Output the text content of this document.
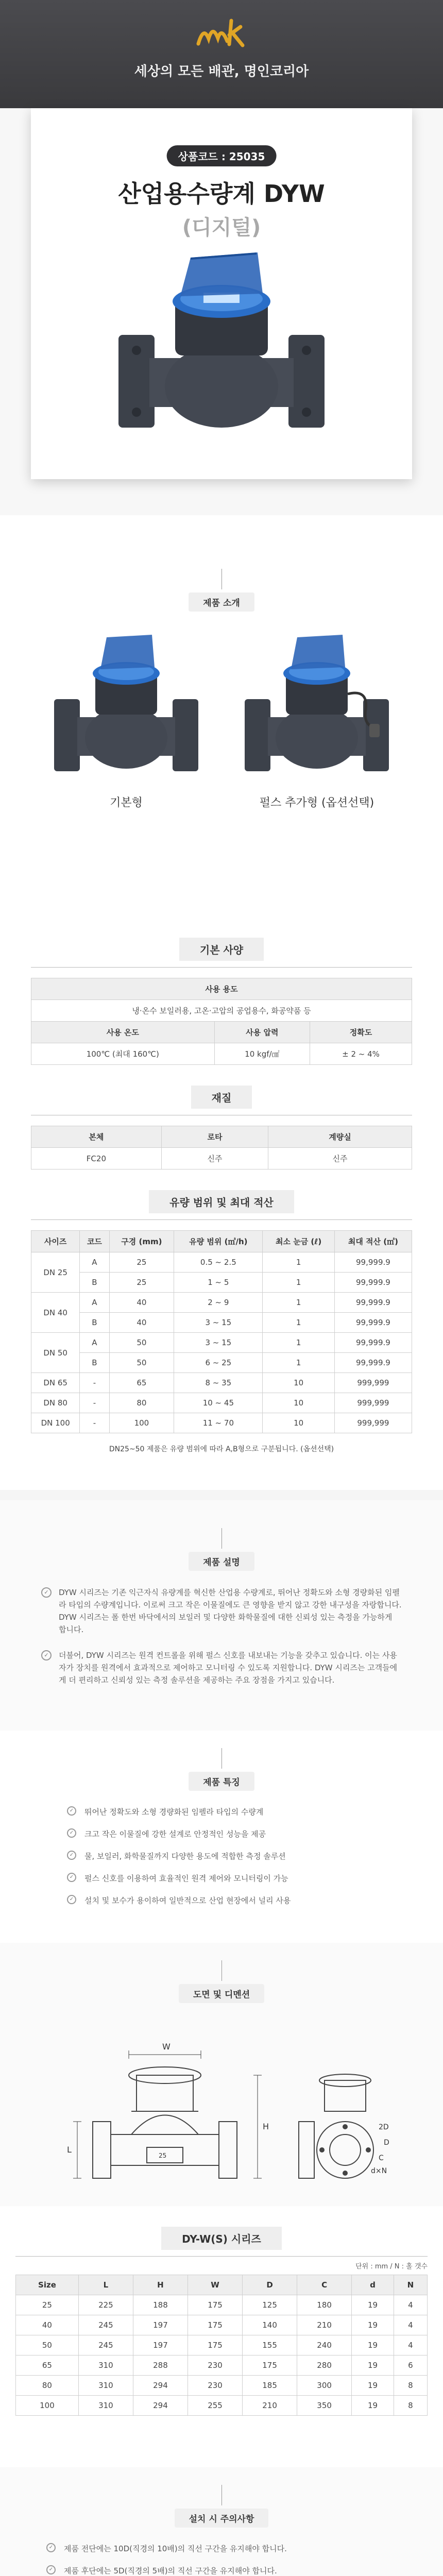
세상의 모든 배관, 명인코리아
상품코드 : 25035
산업용수량계 DYW
(디지털)
제품 소개
기본형	펄스 추가형 (옵션선택)
기본 사양
사용 용도		
냉·온수 보일러용, 고온·고압의 공업용수, 화공약품 등		
사용 온도	사용 압력	정확도
100℃ (최대 160℃)	10 kgf/㎠	± 2 ~ 4%
재질
본체	로타	계량실
FC20	신주	신주
유량 범위 및 최대 적산
사이즈	코드	구경 (mm)	유량 범위 (㎥/h)	최소 눈금 (ℓ)	최대 적산 (㎥)
DN 25	A	25	0.5 ~ 2.5	1	99,999.9
	B	25	1 ~ 5	1	99,999.9
DN 40	A	40	2 ~ 9	1	99,999.9
	B	40	3 ~ 15	1	99,999.9
DN 50	A	50	3 ~ 15	1	99,999.9
	B	50	6 ~ 25	1	99,999.9
DN 65	-	65	8 ~ 35	10	999,999
DN 80	-	80	10 ~ 45	10	999,999
DN 100	-	100	11 ~ 70	10	999,999
DN25~50 제품은 유량 범위에 따라 A,B형으로 구분됩니다. (옵션선택)
제품 설명
✓	DYW 시리즈는 기존 익근자식 유량계를 혁신한 산업용 수량계로, 뛰어난 정확도와 소형 경량화된 임펠라 타입의 수량계입니다. 이로써 크고 작은 이물질에도 큰 영향을 받지 않고 강한 내구성을 자랑합니다. DYW 시리즈는 폴 한번 바닥에서의 보일러 및 다양한 화학물질에 대한 신뢰성 있는 측정을 가능하게 합니다.
✓	더불어, DYW 시리즈는 원격 컨트롤을 위해 펄스 신호를 내보내는 기능을 갖추고 있습니다. 이는 사용자가 장치를 원격에서 효과적으로 제어하고 모니터링 수 있도록 지원합니다. DYW 시리즈는 고객들에게 더 편리하고 신뢰성 있는 측정 솔루션을 제공하는 주요 장점을 가지고 있습니다.
제품 특징
✓	뛰어난 정확도와 소형 경량화된 임펠라 타입의 수량계
✓	크고 작은 이물질에 강한 설계로 안정적인 성능을 제공
✓	물, 보일러, 화학물질까지 다양한 용도에 적합한 측정 솔루션
✓	펄스 신호를 이용하여 효율적인 원격 제어와 모니터링이 가능
✓	설치 및 보수가 용이하여 일반적으로 산업 현장에서 널리 사용
도면 및 디멘션
W
H
L
25
D
2D
C
d×N
DY-W(S) 시리즈
단위 : mm / N : 홀 갯수
Size	L	H	W	D	C	d	N
25	225	188	175	125	180	19	4
40	245	197	175	140	210	19	4
50	245	197	175	155	240	19	4
65	310	288	230	175	280	19	6
80	310	294	230	185	300	19	8
100	310	294	255	210	350	19	8
설치 시 주의사항
✓	제품 전단에는 10D(직경의 10배)의 직선 구간을 유지해야 합니다.
✓	제품 후단에는 5D(직경의 5배)의 직선 구간을 유지해야 합니다.
